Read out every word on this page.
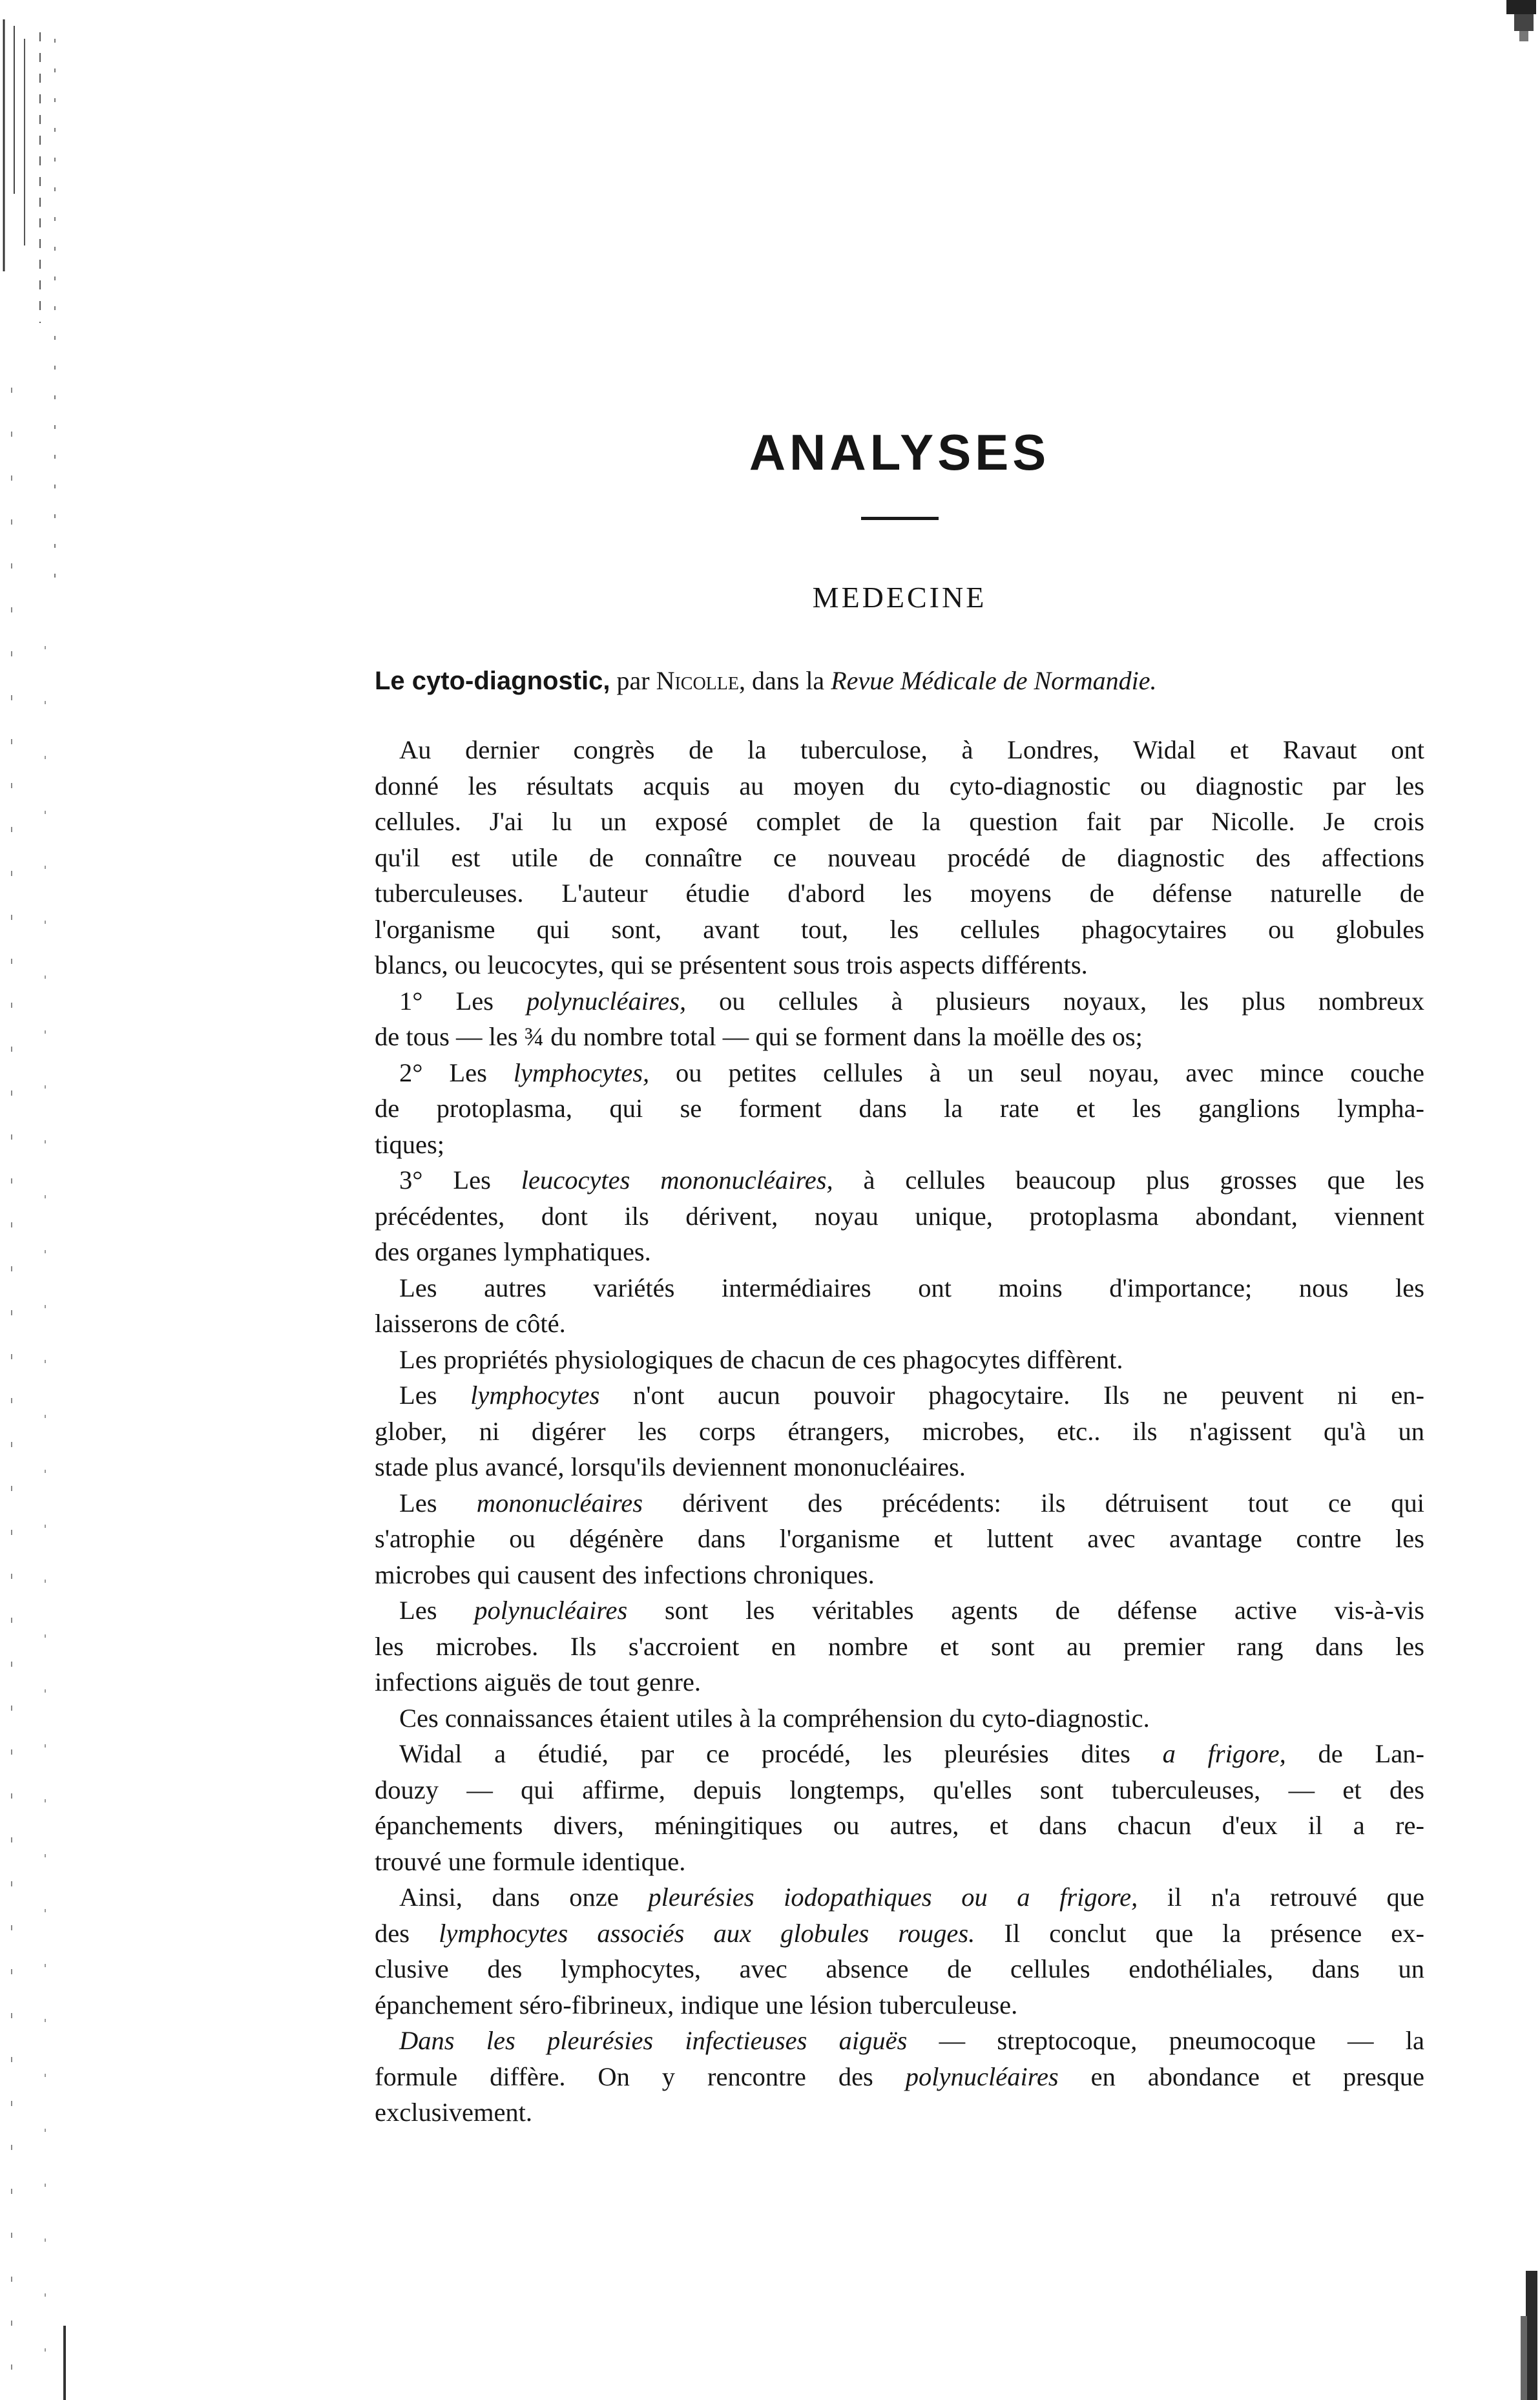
ANALYSES
MEDECINE
Le cyto-diagnostic, par Nicolle, dans la Revue Médicale de Normandie.
Au dernier congrès de la tuberculose, à Londres, Widal et Ravaut ont
donné les résultats acquis au moyen du cyto-diagnostic ou diagnostic par les
cellules. J'ai lu un exposé complet de la question fait par Nicolle. Je crois
qu'il est utile de connaître ce nouveau procédé de diagnostic des affections
tuberculeuses. L'auteur étudie d'abord les moyens de défense naturelle de
l'organisme qui sont, avant tout, les cellules phagocytaires ou globules
blancs, ou leucocytes, qui se présentent sous trois aspects différents.
1° Les polynucléaires, ou cellules à plusieurs noyaux, les plus nombreux
de tous — les ¾ du nombre total — qui se forment dans la moëlle des os;
2° Les lymphocytes, ou petites cellules à un seul noyau, avec mince couche
de protoplasma, qui se forment dans la rate et les ganglions lympha-
tiques;
3° Les leucocytes mononucléaires, à cellules beaucoup plus grosses que les
précédentes, dont ils dérivent, noyau unique, protoplasma abondant, viennent
des organes lymphatiques.
Les autres variétés intermédiaires ont moins d'importance; nous les
laisserons de côté.
Les propriétés physiologiques de chacun de ces phagocytes diffèrent.
Les lymphocytes n'ont aucun pouvoir phagocytaire. Ils ne peuvent ni en-
glober, ni digérer les corps étrangers, microbes, etc.. ils n'agissent qu'à un
stade plus avancé, lorsqu'ils deviennent mononucléaires.
Les mononucléaires dérivent des précédents: ils détruisent tout ce qui
s'atrophie ou dégénère dans l'organisme et luttent avec avantage contre les
microbes qui causent des infections chroniques.
Les polynucléaires sont les véritables agents de défense active vis-à-vis
les microbes. Ils s'accroient en nombre et sont au premier rang dans les
infections aiguës de tout genre.
Ces connaissances étaient utiles à la compréhension du cyto-diagnostic.
Widal a étudié, par ce procédé, les pleurésies dites a frigore, de Lan-
douzy — qui affirme, depuis longtemps, qu'elles sont tuberculeuses, — et des
épanchements divers, méningitiques ou autres, et dans chacun d'eux il a re-
trouvé une formule identique.
Ainsi, dans onze pleurésies iodopathiques ou a frigore, il n'a retrouvé que
des lymphocytes associés aux globules rouges. Il conclut que la présence ex-
clusive des lymphocytes, avec absence de cellules endothéliales, dans un
épanchement séro-fibrineux, indique une lésion tuberculeuse.
Dans les pleurésies infectieuses aiguës — streptocoque, pneumocoque — la
formule diffère. On y rencontre des polynucléaires en abondance et presque
exclusivement.
